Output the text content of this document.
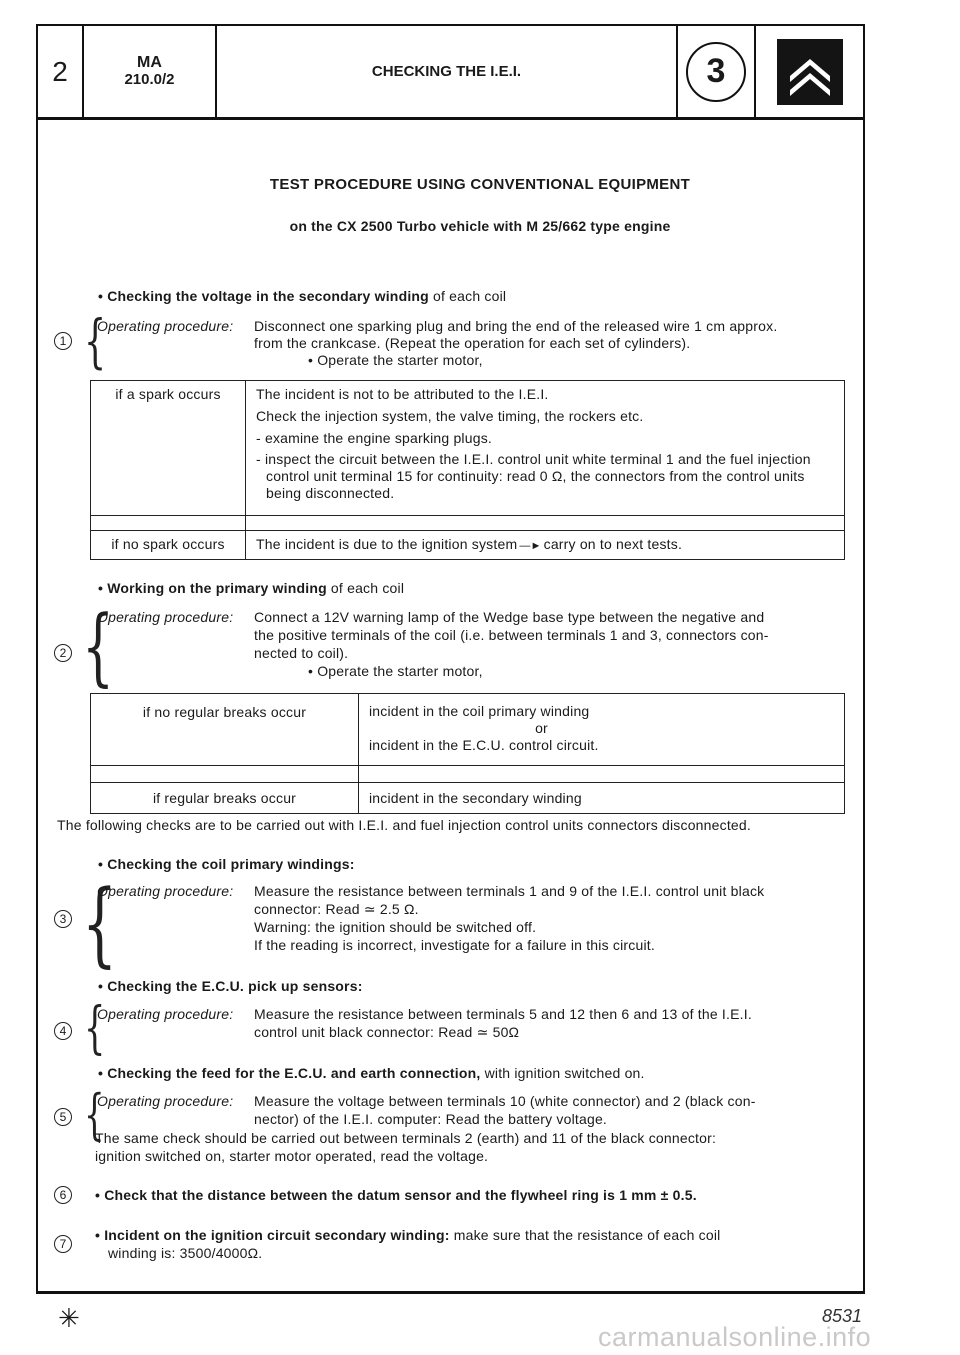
2	MA
210.0/2	CHECKING THE I.E.I.	3
TEST PROCEDURE USING CONVENTIONAL EQUIPMENT
on the CX 2500 Turbo vehicle with M 25/662 type engine
• Checking the voltage in the secondary winding of each coil
1 {
Operating procedure: Disconnect one sparking plug and bring the end of the released wire 1 cm approx.
from the crankcase. (Repeat the operation for each set of cylinders).
• Operate the starter motor,
if a spark occurs	The incident is not to be attributed to the I.E.I.
Check the injection system, the valve timing, the rockers etc.
- examine the engine sparking plugs.
- inspect the circuit between the I.E.I. control unit white terminal 1 and the fuel injection control unit terminal 15 for continuity: read 0 Ω, the connectors from the control units being disconnected.

if no spark occurs	The incident is due to the ignition system —► carry on to next tests.
• Working on the primary winding of each coil
2 {
Operating procedure: Connect a 12V warning lamp of the Wedge base type between the negative and
the positive terminals of the coil (i.e. between terminals 1 and 3, connectors con-
nected to coil).
• Operate the starter motor,
if no regular breaks occur	incident in the coil primary winding
or
incident in the E.C.U. control circuit.

if regular breaks occur	incident in the secondary winding
The following checks are to be carried out with I.E.I. and fuel injection control units connectors disconnected.
• Checking the coil primary windings:
3 {
Operating procedure: Measure the resistance between terminals 1 and 9 of the I.E.I. control unit black
connector: Read ≃ 2.5 Ω.
Warning: the ignition should be switched off.
If the reading is incorrect, investigate for a failure in this circuit.
• Checking the E.C.U. pick up sensors:
4 {
Operating procedure: Measure the resistance between terminals 5 and 12 then 6 and 13 of the I.E.I.
control unit black connector: Read ≃ 50Ω
• Checking the feed for the E.C.U. and earth connection, with ignition switched on.
5 {
Operating procedure: Measure the voltage between terminals 10 (white connector) and 2 (black con-
nector) of the I.E.I. computer: Read the battery voltage.
The same check should be carried out between terminals 2 (earth) and 11 of the black connector:
ignition switched on, starter motor operated, read the voltage.
6	• Check that the distance between the datum sensor and the flywheel ring is 1 mm ± 0.5.
7
• Incident on the ignition circuit secondary winding: make sure that the resistance of each coil
winding is: 3500/4000Ω.
✳	8531
carmanualsonline.info
